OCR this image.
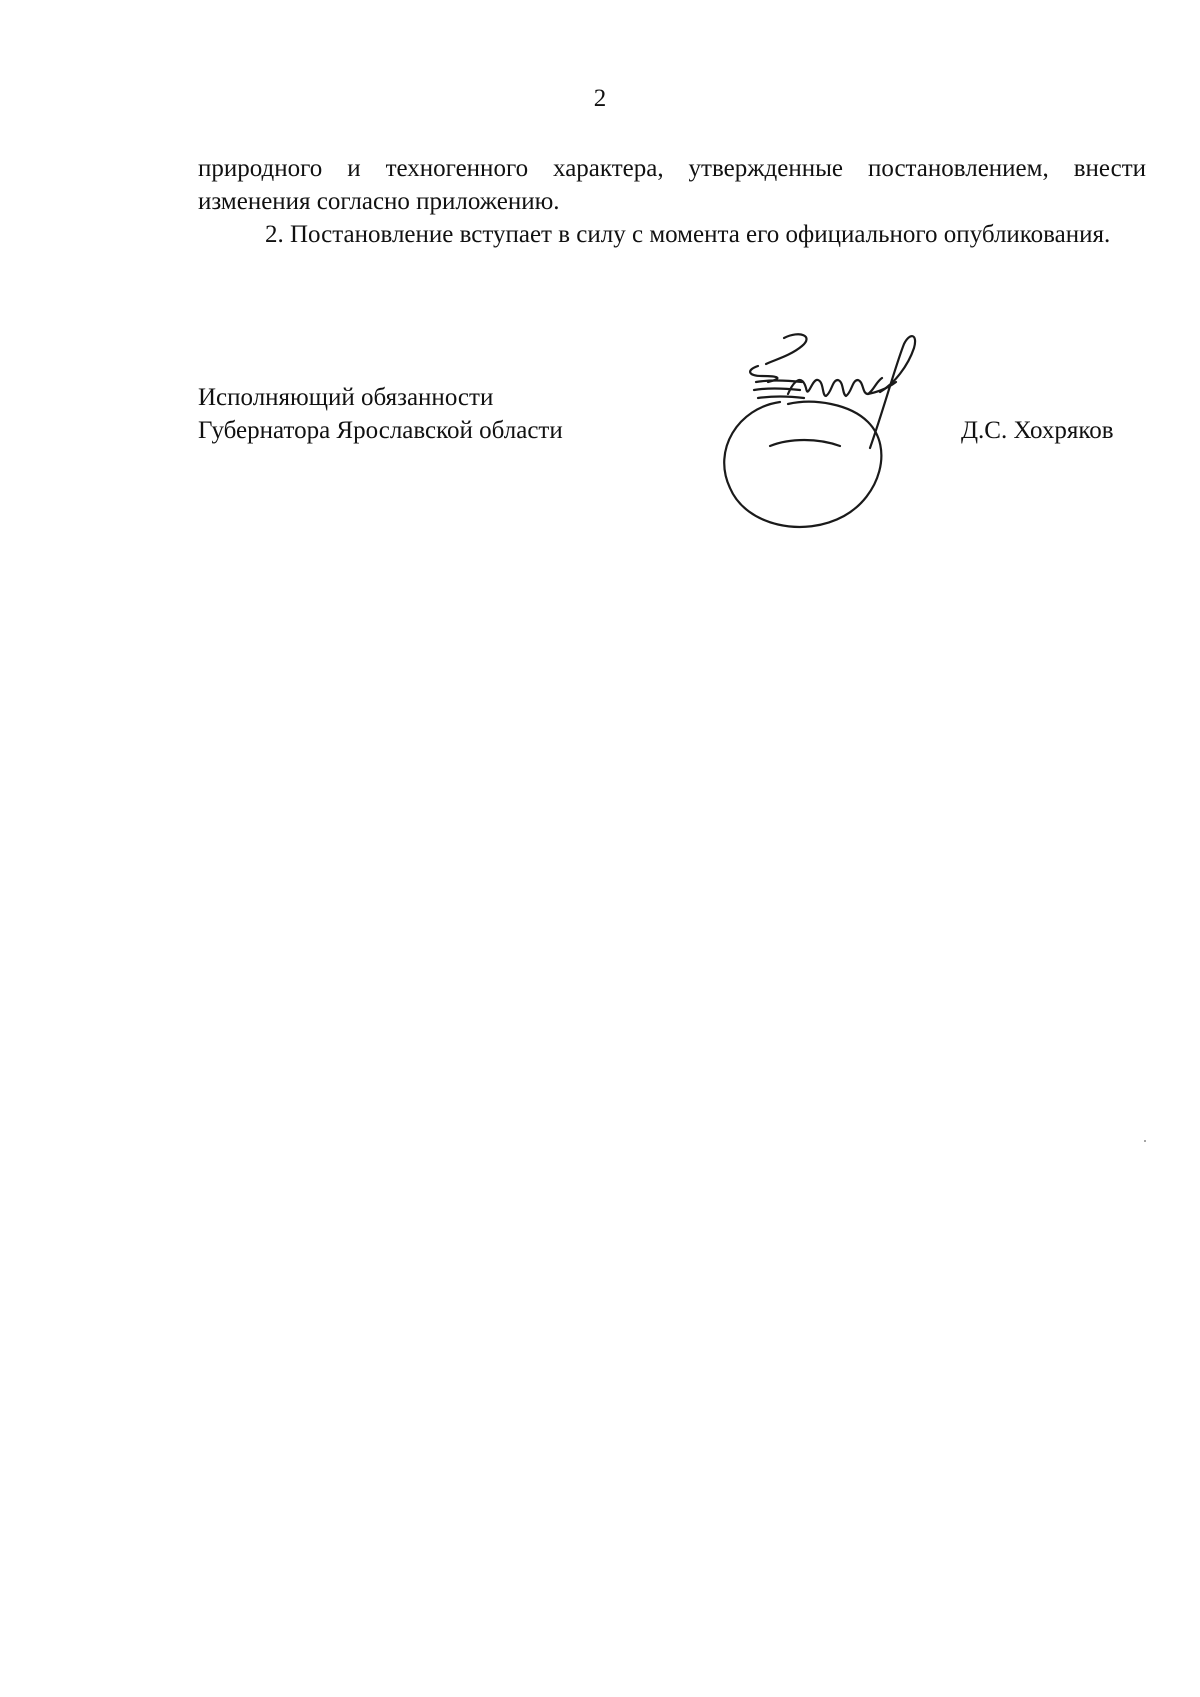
2

природного и техногенного характера, утвержденные постановлением, внести изменения согласно приложению.

2. Постановление вступает в силу с момента его официального опубликования.

Исполняющий обязанности
Губернатора Ярославской области	Д.С. Хохряков
